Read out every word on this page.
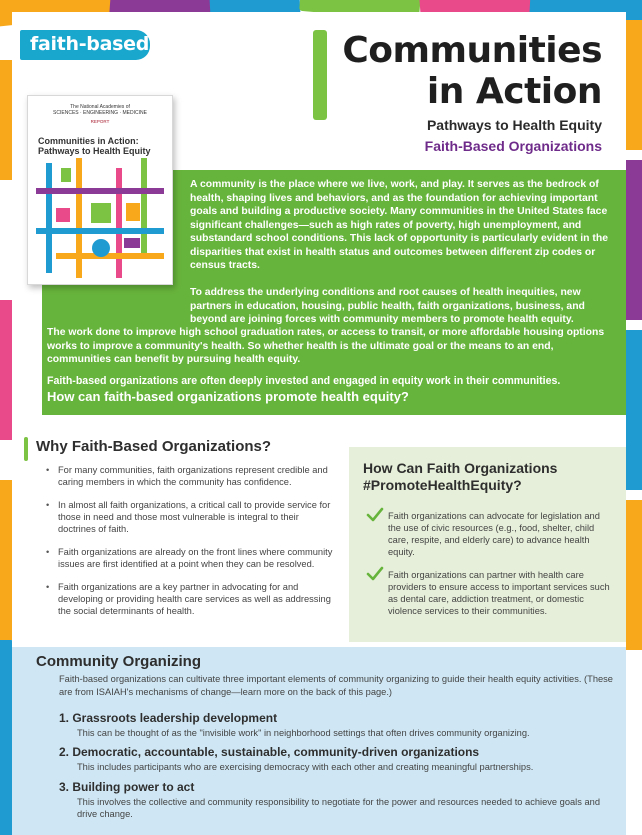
faith-based	Communities
in Action
Pathways to Health Equity
Faith-Based Organizations
The National Academies of
SCIENCES · ENGINEERING · MEDICINE
REPORT
Communities in Action:
Pathways to Health Equity
A community is the place where we live, work, and play. It serves as the bedrock of health, shaping lives and behaviors, and as the foundation for achieving important goals and building a productive society. Many communities in the United States face significant challenges—such as high rates of poverty, high unemployment, and substandard school conditions. This lack of opportunity is particularly evident in the disparities that exist in health status and outcomes between different zip codes or census tracts.
To address the underlying conditions and root causes of health inequities, new partners in education, housing, public health, faith organizations, business, and beyond are joining forces with community members to promote health equity.
The work done to improve high school graduation rates, or access to transit, or more affordable housing options works to improve a community's health. So whether health is the ultimate goal or the means to an end, communities can benefit by pursuing health equity.
Faith-based organizations are often deeply invested and engaged in equity work in their communities.
How can faith-based organizations promote health equity?
Why Faith-Based Organizations?
• For many communities, faith organizations represent credible and caring members in which the community has confidence.
• In almost all faith organizations, a critical call to provide service for those in need and those most vulnerable is integral to their doctrines of faith.
• Faith organizations are already on the front lines where community issues are first identified at a point when they can be resolved.
• Faith organizations are a key partner in advocating for and developing or providing health care services as well as addressing the social determinants of health.
How Can Faith Organizations
#PromoteHealthEquity?
Faith organizations can advocate for legislation and the use of civic resources (e.g., food, shelter, child care, respite, and elderly care) to advance health equity.
Faith organizations can partner with health care providers to ensure access to important services such as dental care, addiction treatment, or domestic violence services to their communities.
Community Organizing
Faith-based organizations can cultivate three important elements of community organizing to guide their health equity activities. (These are from ISAIAH's mechanisms of change—learn more on the back of this page.)
1. Grassroots leadership development
This can be thought of as the "invisible work" in neighborhood settings that often drives community organizing.
2. Democratic, accountable, sustainable, community-driven organizations
This includes participants who are exercising democracy with each other and creating meaningful partnerships.
3. Building power to act
This involves the collective and community responsibility to negotiate for the power and resources needed to achieve goals and drive change.
